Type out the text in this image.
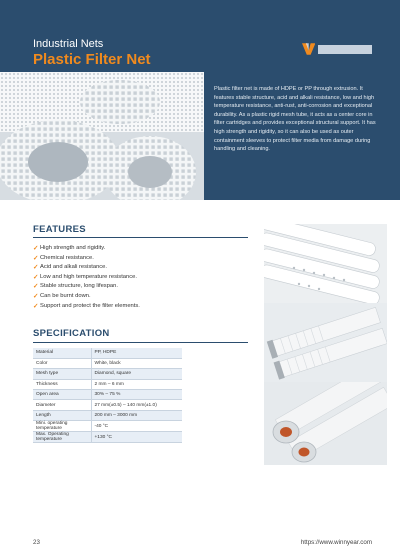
Industrial Nets
Plastic Filter Net

Plastic filter net is made of HDPE or PP through extrusion. It features stable structure, acid and alkali resistance, low and high temperature resistance, anti-rust, anti-corrosion and exceptional durability. As a plastic rigid mesh tube, it acts as a center core in filter cartridges and provides exceptional structural support. It has high strength and rigidity, so it can also be used as outer containment sleeves to protect filter media from damage during handling and cleaning.

FEATURES
✓ High strength and rigidity.
✓ Chemical resistance.
✓ Acid and alkali resistance.
✓ Low and high temperature resistance.
✓ Stable structure, long lifespan.
✓ Can be burnt down.
✓ Support and protect the filter elements.
SPECIFICATION
Material	PP, HDPE
Color	White, black
Mesh type	Diamond, square
Thickness	2 mm – 6 mm
Open area	30% – 75 %
Diameter	27 mm(±0.5) – 140 mm(±1.0)
Length	200 mm – 3000 mm
Mini. operating temperature	-40 °C
Max. Operating temperature	+130 °C
23	https://www.winnyear.com
